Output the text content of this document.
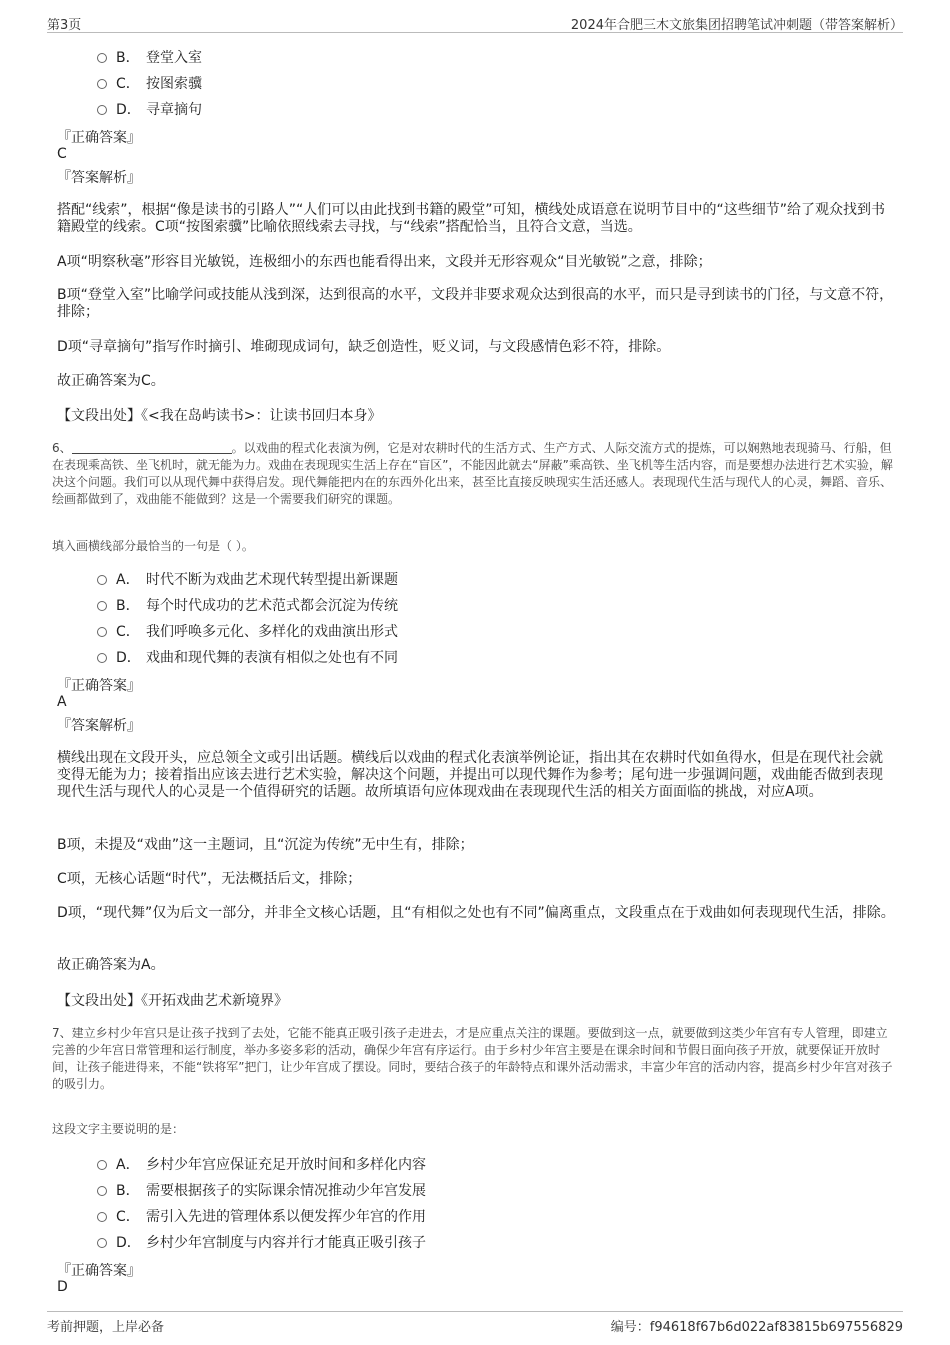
第3页	2024年合肥三木文旅集团招聘笔试冲刺题（带答案解析）
B． 登堂入室
C． 按图索骥
D． 寻章摘句
『正确答案』
C
『答案解析』
搭配“线索”，根据“像是读书的引路人”“人们可以由此找到书籍的殿堂”可知，横线处成语意在说明节目中的“这些细节”给了观众找到书籍殿堂的线索。C项“按图索骥”比喻依照线索去寻找，与“线索”搭配恰当，且符合文意，当选。
A项“明察秋毫”形容目光敏锐，连极细小的东西也能看得出来，文段并无形容观众“目光敏锐”之意，排除；
B项“登堂入室”比喻学问或技能从浅到深，达到很高的水平，文段并非要求观众达到很高的水平，而只是寻到读书的门径，与文意不符，排除；
D项“寻章摘句”指写作时摘引、堆砌现成词句，缺乏创造性，贬义词，与文段感情色彩不符，排除。
故正确答案为C。
【文段出处】《<我在岛屿读书>：让读书回归本身》
6、	。以戏曲的程式化表演为例，它是对农耕时代的生活方式、生产方式、人际交流方式的提炼，可以娴熟地表现骑马、行船，但在表现乘高铁、坐飞机时，就无能为力。戏曲在表现现实生活上存在“盲区”，不能因此就去“屏蔽”乘高铁、坐飞机等生活内容，而是要想办法进行艺术实验，解决这个问题。我们可以从现代舞中获得启发。现代舞能把内在的东西外化出来，甚至比直接反映现实生活还感人。表现现代生活与现代人的心灵，舞蹈、音乐、绘画都做到了，戏曲能不能做到？这是一个需要我们研究的课题。
填入画横线部分最恰当的一句是（ ）。
A． 时代不断为戏曲艺术现代转型提出新课题
B． 每个时代成功的艺术范式都会沉淀为传统
C． 我们呼唤多元化、多样化的戏曲演出形式
D． 戏曲和现代舞的表演有相似之处也有不同
『正确答案』
A
『答案解析』
横线出现在文段开头，应总领全文或引出话题。横线后以戏曲的程式化表演举例论证，指出其在农耕时代如鱼得水，但是在现代社会就变得无能为力；接着指出应该去进行艺术实验，解决这个问题，并提出可以现代舞作为参考；尾句进一步强调问题，戏曲能否做到表现现代生活与现代人的心灵是一个值得研究的话题。故所填语句应体现戏曲在表现现代生活的相关方面面临的挑战，对应A项。
B项，未提及“戏曲”这一主题词，且“沉淀为传统”无中生有，排除；
C项，无核心话题“时代”，无法概括后文，排除；
D项，“现代舞”仅为后文一部分，并非全文核心话题，且“有相似之处也有不同”偏离重点，文段重点在于戏曲如何表现现代生活，排除。
故正确答案为A。
【文段出处】《开拓戏曲艺术新境界》
7、建立乡村少年宫只是让孩子找到了去处，它能不能真正吸引孩子走进去，才是应重点关注的课题。要做到这一点，就要做到这类少年宫有专人管理，即建立完善的少年宫日常管理和运行制度，举办多姿多彩的活动，确保少年宫有序运行。由于乡村少年宫主要是在课余时间和节假日面向孩子开放，就要保证开放时间，让孩子能进得来，不能“铁将军”把门，让少年宫成了摆设。同时，要结合孩子的年龄特点和课外活动需求，丰富少年宫的活动内容，提高乡村少年宫对孩子的吸引力。
这段文字主要说明的是：
A． 乡村少年宫应保证充足开放时间和多样化内容
B． 需要根据孩子的实际课余情况推动少年宫发展
C． 需引入先进的管理体系以便发挥少年宫的作用
D． 乡村少年宫制度与内容并行才能真正吸引孩子
『正确答案』
D
考前押题，上岸必备	编号：f94618f67b6d022af83815b697556829
